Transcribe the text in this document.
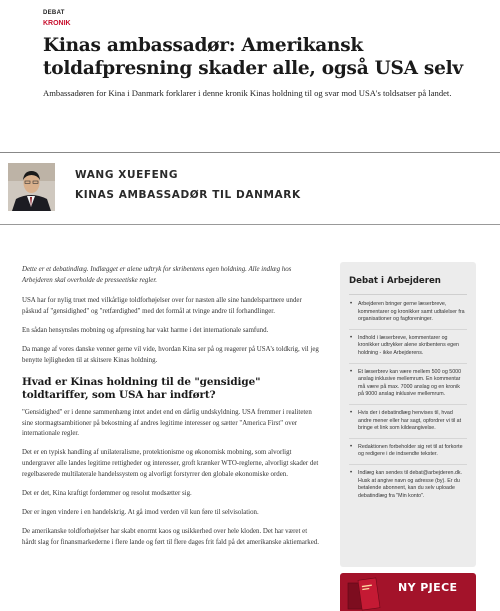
DEBAT
KRONIK
Kinas ambassadør: Amerikansk toldafpresning skader alle, også USA selv

Ambassadøren for Kina i Danmark forklarer i denne kronik Kinas holdning til og svar mod USA's toldsatser på landet.

WANG XUEFENG
KINAS AMBASSADØR TIL DANMARK

Dette er et debatindlæg. Indlægget er alene udtryk for skribentens egen holdning. Alle indlæg hos Arbejderen skal overholde de presseetiske regler.

USA har for nylig truet med vilkårlige toldforhøjelser over for næsten alle sine handelspartnere under påskud af "gensidighed" og "retfærdighed" med det formål at tvinge andre til forhandlinger.

En sådan hensynsløs mobning og afpresning har vakt harme i det internationale samfund.

Da mange af vores danske venner gerne vil vide, hvordan Kina ser på og reagerer på USA's toldkrig, vil jeg benytte lejligheden til at skitsere Kinas holdning.

Hvad er Kinas holdning til de "gensidige" toldtariffer, som USA har indført?

"Gensidighed" er i denne sammenhæng intet andet end en dårlig undskyldning. USA fremmer i realiteten sine stormagtsambitioner på bekostning af andres legitime interesser og sætter "America First" over internationale regler.

Det er en typisk handling af unilateralisme, protektionisme og økonomisk mobning, som alvorligt undergraver alle landes legitime rettigheder og interesser, groft krænker WTO-reglerne, alvorligt skader det regelbaserede multilaterale handelssystem og alvorligt forstyrrer den globale økonomiske orden.

Det er det, Kina kraftigt fordømmer og resolut modsætter sig.

Der er ingen vindere i en handelskrig. At gå imod verden vil kun føre til selvisolation.

De amerikanske toldforhøjelser har skabt enormt kaos og usikkerhed over hele kloden. Det har været et hårdt slag for finansmarkederne i flere lande og ført til flere dages frit fald på det amerikanske aktiemarked.

Debat i Arbejderen
• Arbejderen bringer gerne læserbreve, kommentarer og kronikker samt udtalelser fra organisationer og fagforeninger.
• Indhold i læserbreve, kommentarer og kronikker udtrykker alene skribentens egen holdning - ikke Arbejderens.
• Et læserbrev kan være mellem 500 og 5000 anslag inklusive mellemrum. En kommentar må være på max. 7000 anslag og en kronik på 9000 anslag inklusive mellemrum.
• Hvis der i debatindlæg henvises til, hvad andre mener eller har sagt, opfordrer vi til at bringe et link som kildeangivelse.
• Redaktionen forbeholder sig ret til at forkorte og redigere i de indsendte tekster.
• Indlæg kan sendes til debat@arbejderen.dk. Husk at angive navn og adresse (by). Er du betalende abonnent, kan du selv uploade debatindlæg fra "Min konto".
NY PJECE
